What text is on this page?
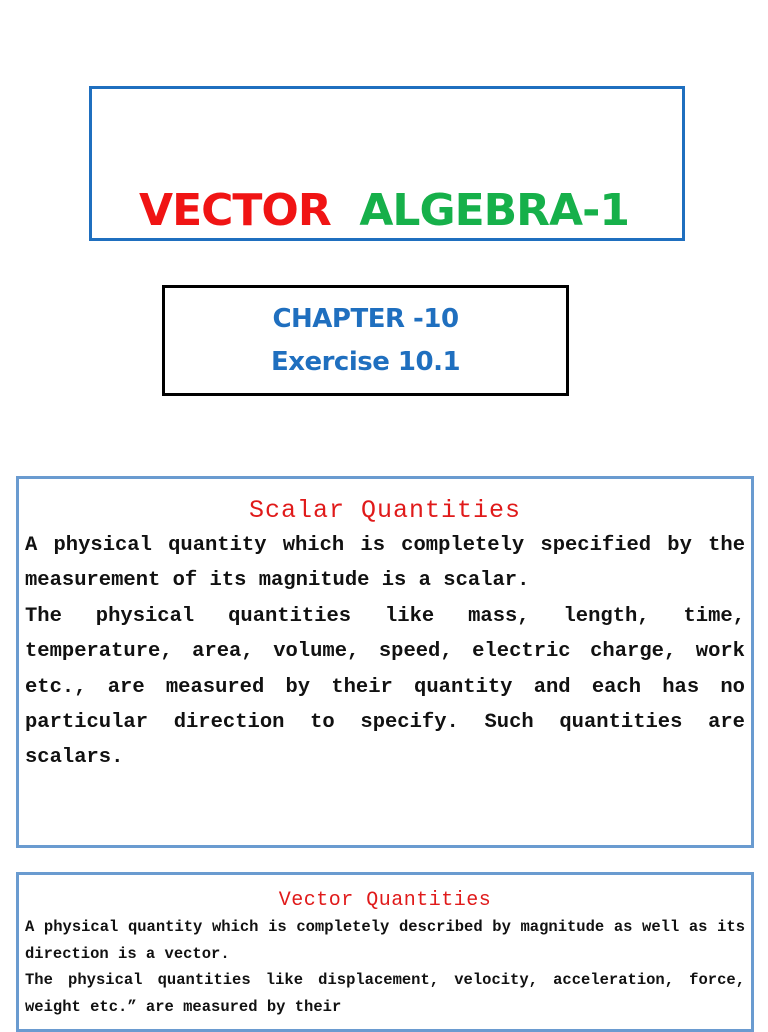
VECTOR ALGEBRA-1
CHAPTER -10
Exercise 10.1
Scalar Quantities

A physical quantity which is completely specified by the measurement of its magnitude is a scalar.

The physical quantities like mass, length, time, temperature, area, volume, speed, electric charge, work etc., are measured by their quantity and each has no particular direction to specify. Such quantities are scalars.

Vector Quantities

A physical quantity which is completely described by magnitude as well as its direction is a vector.

The physical quantities like displacement, velocity, acceleration, force, weight etc.” are measured by their
